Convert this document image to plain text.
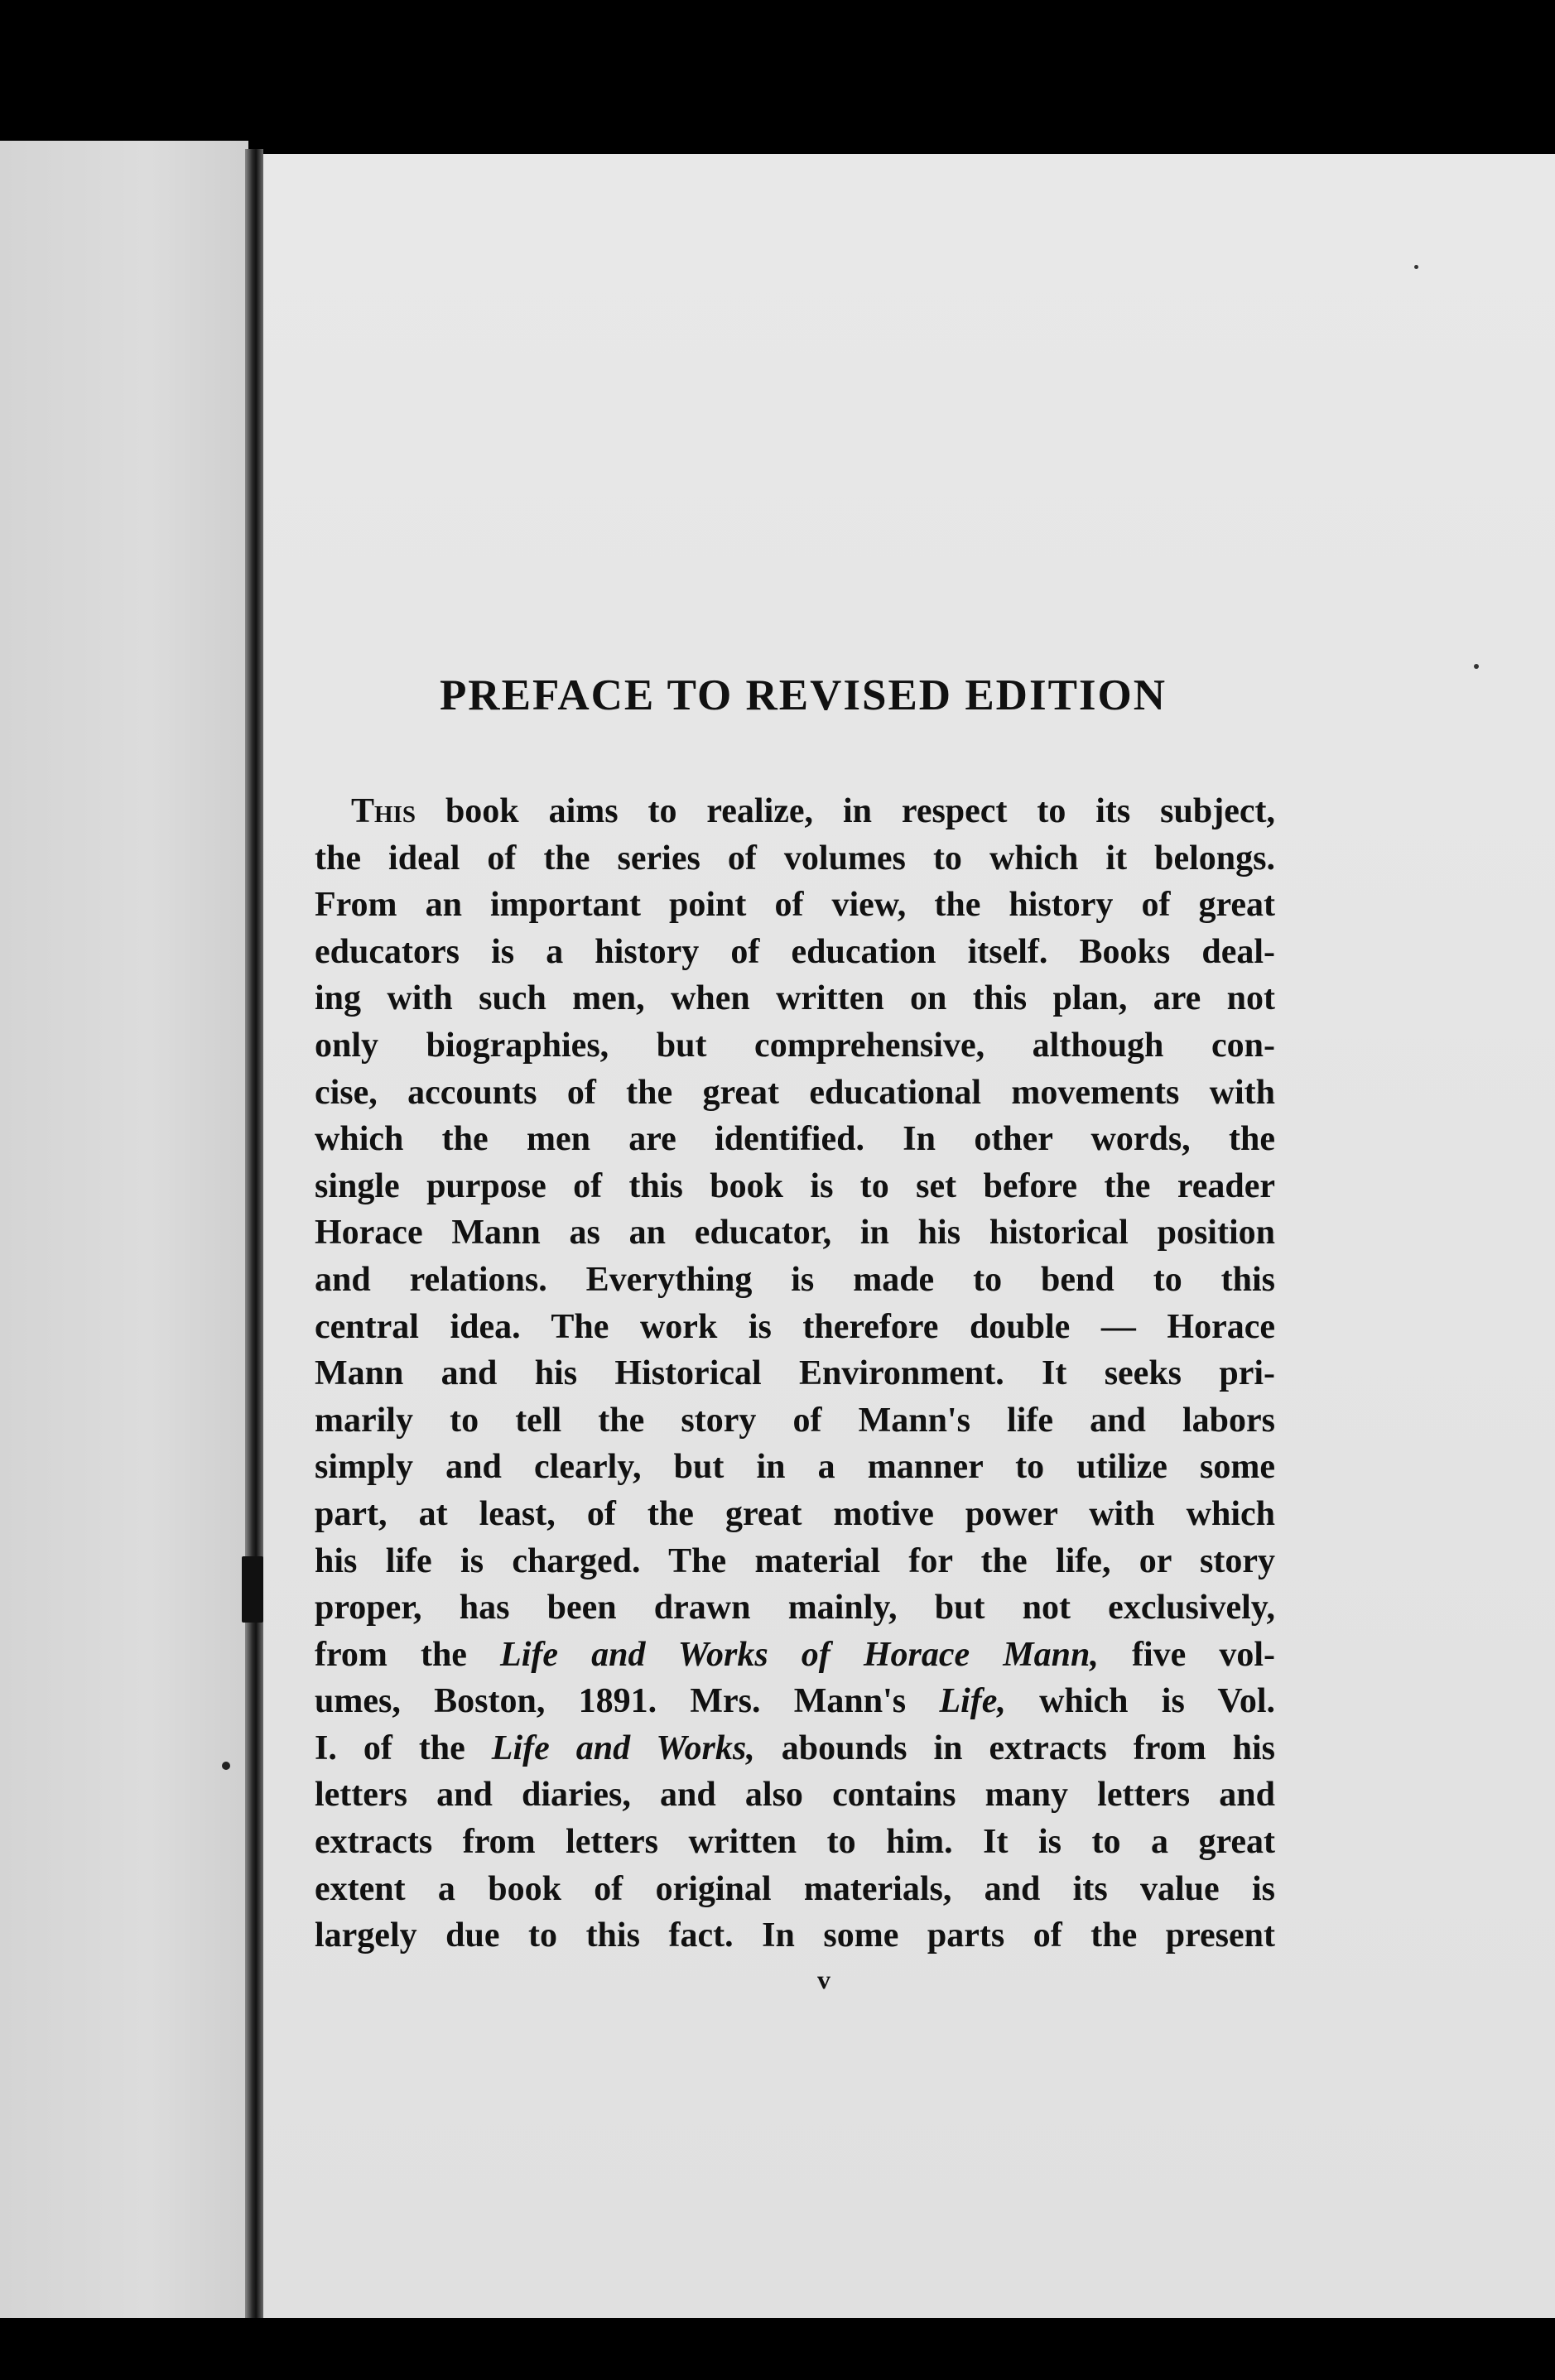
PREFACE TO REVISED EDITION
This book aims to realize, in respect to its subject,
the ideal of the series of volumes to which it belongs.
From an important point of view, the history of great
educators is a history of education itself. Books deal-
ing with such men, when written on this plan, are not
only biographies, but comprehensive, although con-
cise, accounts of the great educational movements with
which the men are identified. In other words, the
single purpose of this book is to set before the reader
Horace Mann as an educator, in his historical position
and relations. Everything is made to bend to this
central idea. The work is therefore double — Horace
Mann and his Historical Environment. It seeks pri-
marily to tell the story of Mann's life and labors
simply and clearly, but in a manner to utilize some
part, at least, of the great motive power with which
his life is charged. The material for the life, or story
proper, has been drawn mainly, but not exclusively,
from the Life and Works of Horace Mann, five vol-
umes, Boston, 1891. Mrs. Mann's Life, which is Vol.
I. of the Life and Works, abounds in extracts from his
letters and diaries, and also contains many letters and
extracts from letters written to him. It is to a great
extent a book of original materials, and its value is
largely due to this fact. In some parts of the present
v
